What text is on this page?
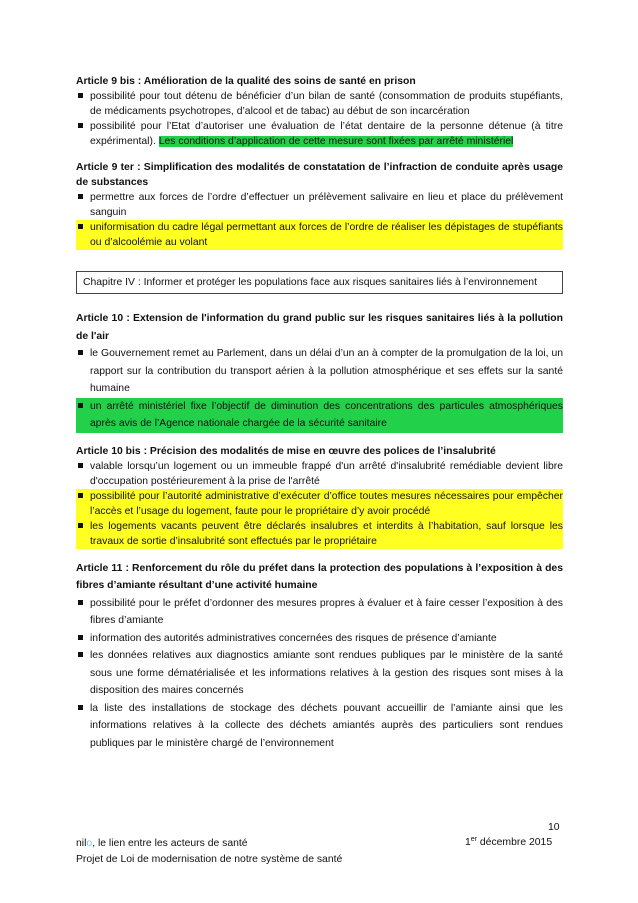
Article 9 bis : Amélioration de la qualité des soins de santé en prison
possibilité pour tout détenu de bénéficier d’un bilan de santé (consommation de produits stupéfiants, de médicaments psychotropes, d’alcool et de tabac) au début de son incarcération
possibilité pour l’Etat d’autoriser une évaluation de l’état dentaire de la personne détenue (à titre expérimental). Les conditions d’application de cette mesure sont fixées par arrêté ministériel
Article 9 ter : Simplification des modalités de constatation de l’infraction de conduite après usage de substances
permettre aux forces de l’ordre d’effectuer un prélèvement salivaire en lieu et place du prélèvement sanguin
uniformisation du cadre légal permettant aux forces de l’ordre de réaliser les dépistages de stupéfiants ou d’alcoolémie au volant
Chapitre IV : Informer et protéger les populations face aux risques sanitaires liés à l’environnement
Article 10 : Extension de l'information du grand public sur les risques sanitaires liés à la pollution de l'air
le Gouvernement remet au Parlement, dans un délai d’un an à compter de la promulgation de la loi, un rapport sur la contribution du transport aérien à la pollution atmosphérique et ses effets sur la santé humaine
un arrêté ministériel fixe l’objectif de diminution des concentrations des particules atmosphériques après avis de l’Agence nationale chargée de la sécurité sanitaire
Article 10 bis : Précision des modalités de mise en œuvre des polices de l’insalubrité
valable lorsqu’un logement ou un immeuble frappé d'un arrêté d'insalubrité remédiable devient libre d'occupation postérieurement à la prise de l'arrêté
possibilité pour l’autorité administrative d’exécuter d’office toutes mesures nécessaires pour empêcher l’accès et l’usage du logement, faute pour le propriétaire d’y avoir procédé
les logements vacants peuvent être déclarés insalubres et interdits à l’habitation, sauf lorsque les travaux de sortie d’insalubrité sont effectués par le propriétaire
Article 11 : Renforcement du rôle du préfet dans la protection des populations à l’exposition à des fibres d’amiante résultant d’une activité humaine
possibilité pour le préfet d’ordonner des mesures propres à évaluer et à faire cesser l’exposition à des fibres d’amiante
information des autorités administratives concernées des risques de présence d’amiante
les données relatives aux diagnostics amiante sont rendues publiques par le ministère de la santé sous une forme dématérialisée et les informations relatives à la gestion des risques sont mises à la disposition des maires concernés
la liste des installations de stockage des déchets pouvant accueillir de l’amiante ainsi que les informations relatives à la collecte des déchets amiantés auprès des particuliers sont rendues publiques par le ministère chargé de l’environnement
10
nilo, le lien entre les acteurs de santé
Projet de Loi de modernisation de notre système de santé
1er décembre 2015
